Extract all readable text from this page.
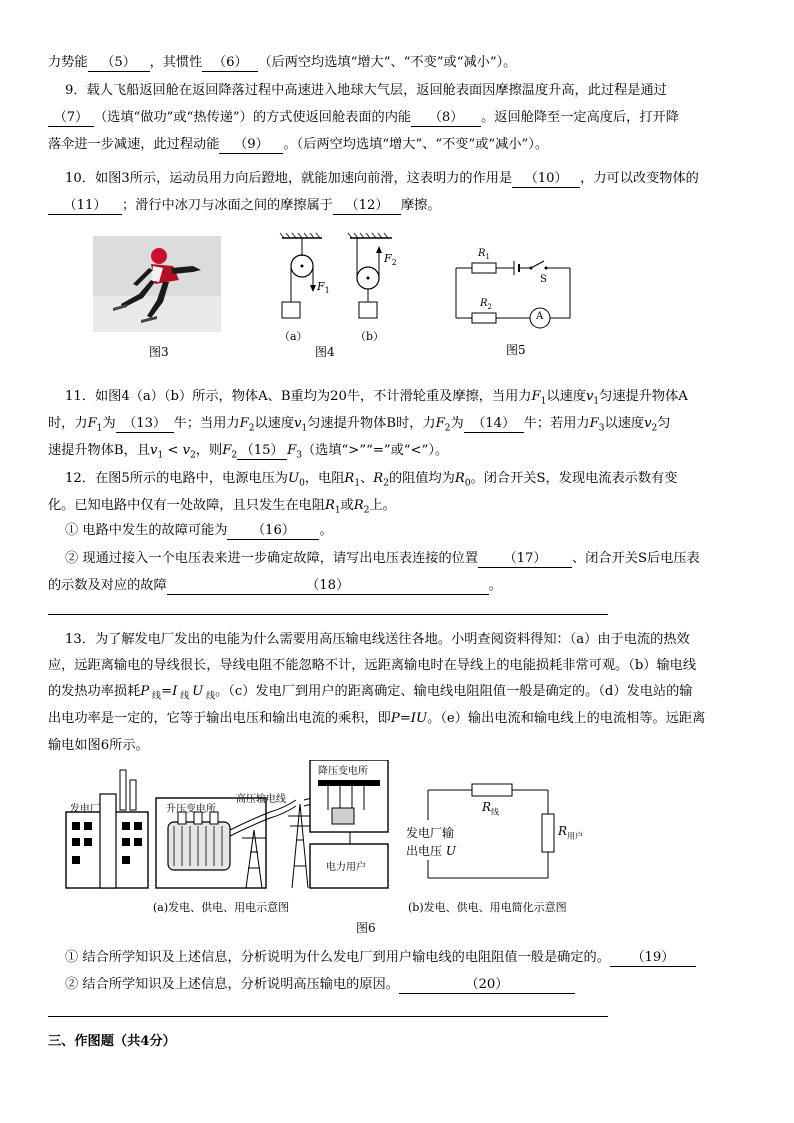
力势能 （5） ，其惯性 （6） （后两空均选填“增大”、“不变”或“减小”）。
9．载人飞船返回舱在返回降落过程中高速进入地球大气层，返回舱表面因摩擦温度升高，此过程是通过
（7） （选填“做功”或“热传递”）的方式使返回舱表面的内能 （8） 。返回舱降至一定高度后，打开降
落伞进一步减速，此过程动能 （9） 。（后两空均选填“增大”、“不变”或“减小”）。
10．如图3所示，运动员用力向后蹬地，就能加速向前滑，这表明力的作用是 （10） ，力可以改变物体的
（11） ；滑行中冰刀与冰面之间的摩擦属于 （12） 摩擦。
图3
$F_1$
$F_2$
（a）	（b）
图4
$R_1$
$R_2$
S
A
图5
11．如图4（a）（b）所示，物体A、B重均为20牛，不计滑轮重及摩擦，当用力$F_1$以速度$v_1$匀速提升物体A
时，力$F_1$为 （13） 牛；当用力$F_2$以速度$v_1$匀速提升物体B时，力$F_2$为 （14） 牛；若用力$F_3$以速度$v_2$匀
速提升物体B，且$v_1 < v_2$，则$F_2$ （15） $F_3$（选填“>”“=”或“<”）。
12．在图5所示的电路中，电源电压为$U_0$，电阻$R_1$、$R_2$的阻值均为$R_0$。闭合开关S，发现电流表示数有变
化。已知电路中仅有一处故障，且只发生在电阻$R_1$或$R_2$上。
① 电路中发生的故障可能为 （16） 。
② 现通过接入一个电压表来进一步确定故障，请写出电压表连接的位置 （17） 、闭合开关S后电压表
的示数及对应的故障	（18）	。
13．为了解发电厂发出的电能为什么需要用高压输电线送往各地。小明查阅资料得知：（a）由于电流的热效
应，远距离输电的导线很长，导线电阻不能忽略不计，远距离输电时在导线上的电能损耗非常可观。（b）输电线
的发热功率损耗P $_线$=I $_线$ U $_线$。（c）发电厂到用户的距离确定、输电线电阻阻值一般是确定的。（d）发电站的输
出电功率是一定的，它等于输出电压和输出电流的乘积，即P=IU。（e）输出电流和输电线上的电流相等。远距离
输电如图6所示。
发电厂	升压变电所
高压输电线
降压变电所
电力用户
(a)发电、供电、用电示意图
$R_线$
$R_{用户}$
发电厂输
出电压 U
(b)发电、供电、用电简化示意图
图6
① 结合所学知识及上述信息，分析说明为什么发电厂到用户输电线的电阻阻值一般是确定的。 （19）
② 结合所学知识及上述信息，分析说明高压输电的原因。	（20）
三、作图题（共4分）
